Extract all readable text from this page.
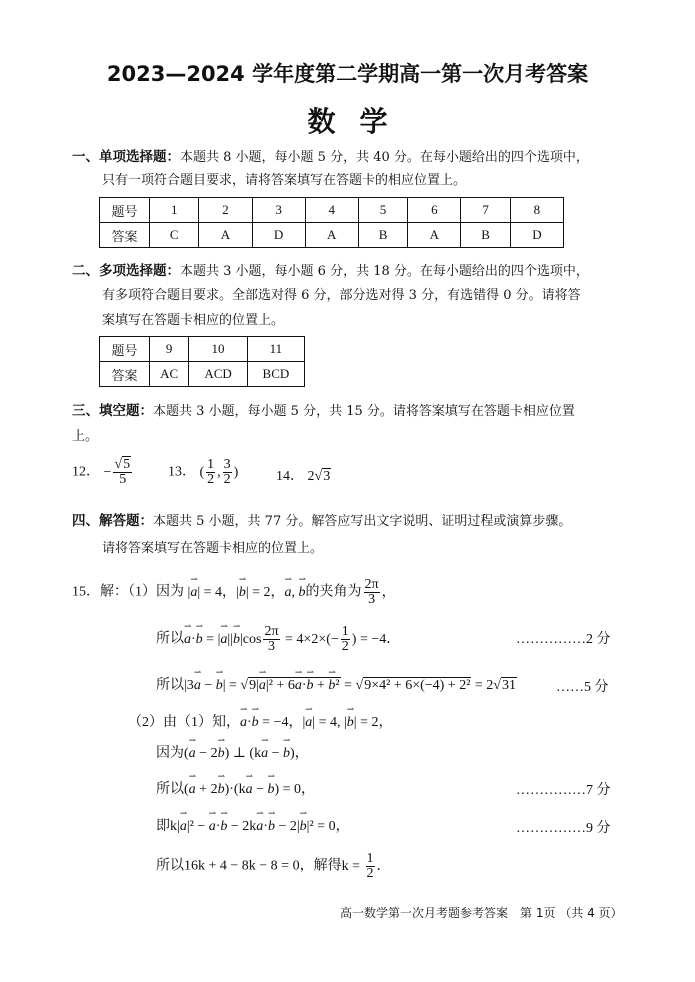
2023—2024 学年度第二学期高一第一次月考答案
数学
一、单项选择题：本题共 8 小题，每小题 5 分，共 40 分。在每小题给出的四个选项中，
只有一项符合题目要求，请将答案填写在答题卡的相应位置上。
题号	1	2	3	4	5	6	7	8
答案	C	A	D	A	B	A	B	D
二、多项选择题：本题共 3 小题，每小题 6 分，共 18 分。在每小题给出的四个选项中，
有多项符合题目要求。全部选对得 6 分，部分选对得 3 分，有选错得 0 分。请将答
案填写在答题卡相应的位置上。
题号	9	10	11
答案	AC	ACD	BCD
三、填空题：本题共 3 小题，每小题 5 分，共 15 分。请将答案填写在答题卡相应位置
上。
12． − $\frac{√5}{5}$	13． ( $\frac{1}{2}$ , $\frac{3}{2}$ )	14． 2√3
四、解答题：本题共 5 小题，共 77 分。解答应写出文字说明、证明过程或演算步骤。
请将答案填写在答题卡相应的位置上。
15．解：（1）因为 |⇀ a| = 4，|⇀ b| = 2，⇀ a, ⇀ b的夹角为 $\frac{2\pi}{3}$ ，
所以⇀ a·⇀ b = |⇀ a||⇀ $b|\cos \frac{2\pi}{3} = 4\times 2\times(- \frac{1}{2}$ ) = −4．	……………2 分
所以|3⇀ a − ⇀ b| = √9|⇀ a|² + 6⇀ a·⇀ b + ⇀ b² = √9×4² + 6×(−4) + 2² = 2√31	……5 分
（2）由（1）知，⇀ a·⇀ b = −4，|⇀ a| = 4, |⇀ b| = 2，
因为(⇀ a − 2⇀ b) ⊥ (k⇀ a − ⇀ b)，
所以(⇀ a + 2⇀ b)·(k⇀ a − ⇀ b) = 0，	……………7 分
即k|⇀ a|² − ⇀ a·⇀ b − 2k⇀ a·⇀ b − 2|⇀ b|² = 0，	……………9 分
所以16k + 4 − 8k − 8 = 0，解得$k = \frac{1}{2}$ ．
高一数学第一次月考题参考答案　第 1页 （共 4 页）
